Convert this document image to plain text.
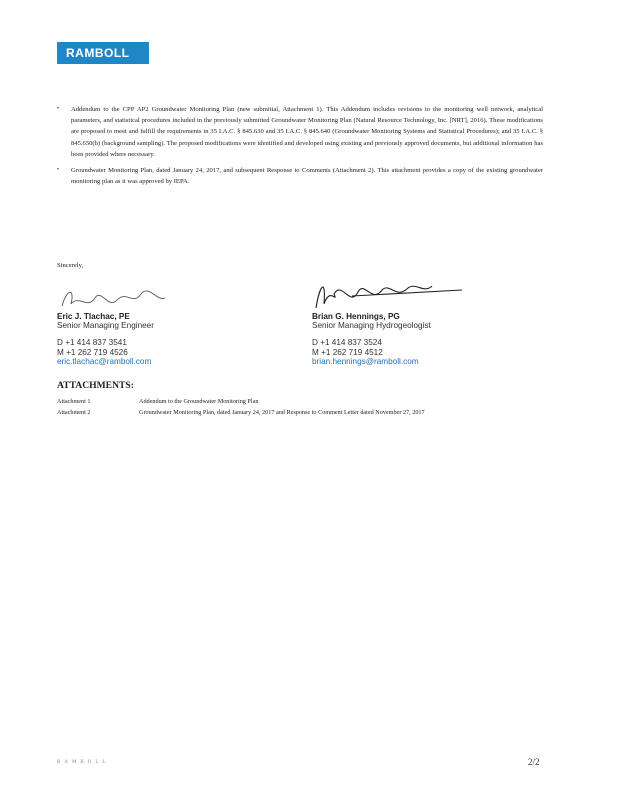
RAMBOLL
•	Addendum to the CPP AP2 Groundwater Monitoring Plan (new submittal, Attachment 1). This Addendum includes revisions to the monitoring well network, analytical parameters, and statistical procedures included in the previously submitted Groundwater Monitoring Plan (Natural Resource Technology, Inc. [NRT], 2016). These modifications are proposed to meet and fulfill the requirements in 35 I.A.C. § 845.630 and 35 I.A.C. § 845.640 (Groundwater Monitoring Systems and Statistical Procedures); and 35 I.A.C. § 845.650(b) (background sampling). The proposed modifications were identified and developed using existing and previously approved documents, but additional information has been provided where necessary.
•	Groundwater Monitoring Plan, dated January 24, 2017, and subsequent Response to Comments (Attachment 2). This attachment provides a copy of the existing groundwater monitoring plan as it was approved by IEPA.
Sincerely,
Eric J. Tlachac, PE
Senior Managing Engineer
D +1 414 837 3541
M +1 262 719 4526
eric.tlachac@ramboll.com
Brian G. Hennings, PG
Senior Managing Hydrogeologist
D +1 414 837 3524
M +1 262 719 4512
brian.hennings@ramboll.com
ATTACHMENTS:
Attachment 1	Addendum to the Groundwater Monitoring Plan
Attachment 2	Groundwater Monitoring Plan, dated January 24, 2017 and Response to Comment Letter dated November 27, 2017
RAMBOLL	2/2
